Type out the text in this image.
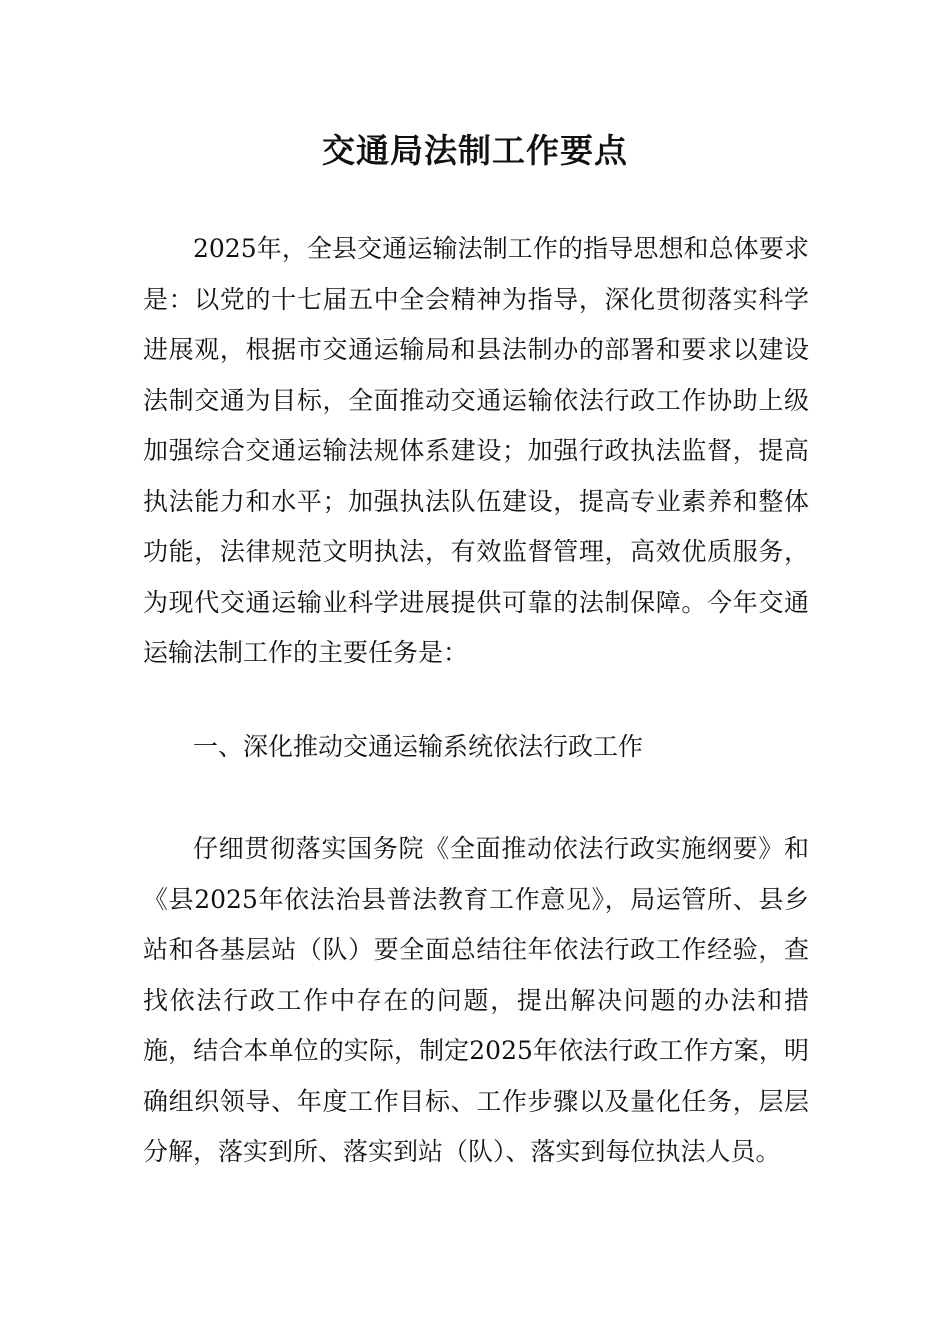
交通局法制工作要点

2025年，全县交通运输法制工作的指导思想和总体要求是：以党的十七届五中全会精神为指导，深化贯彻落实科学进展观，根据市交通运输局和县法制办的部署和要求以建设法制交通为目标，全面推动交通运输依法行政工作协助上级加强综合交通运输法规体系建设；加强行政执法监督，提高执法能力和水平；加强执法队伍建设，提高专业素养和整体功能，法律规范文明执法，有效监督管理，高效优质服务，为现代交通运输业科学进展提供可靠的法制保障。今年交通运输法制工作的主要任务是：

一、深化推动交通运输系统依法行政工作

仔细贯彻落实国务院《全面推动依法行政实施纲要》和《县2025年依法治县普法教育工作意见》，局运管所、县乡站和各基层站（队）要全面总结往年依法行政工作经验，查找依法行政工作中存在的问题，提出解决问题的办法和措施，结合本单位的实际，制定2025年依法行政工作方案，明确组织领导、年度工作目标、工作步骤以及量化任务，层层分解，落实到所、落实到站（队）、落实到每位执法人员。
